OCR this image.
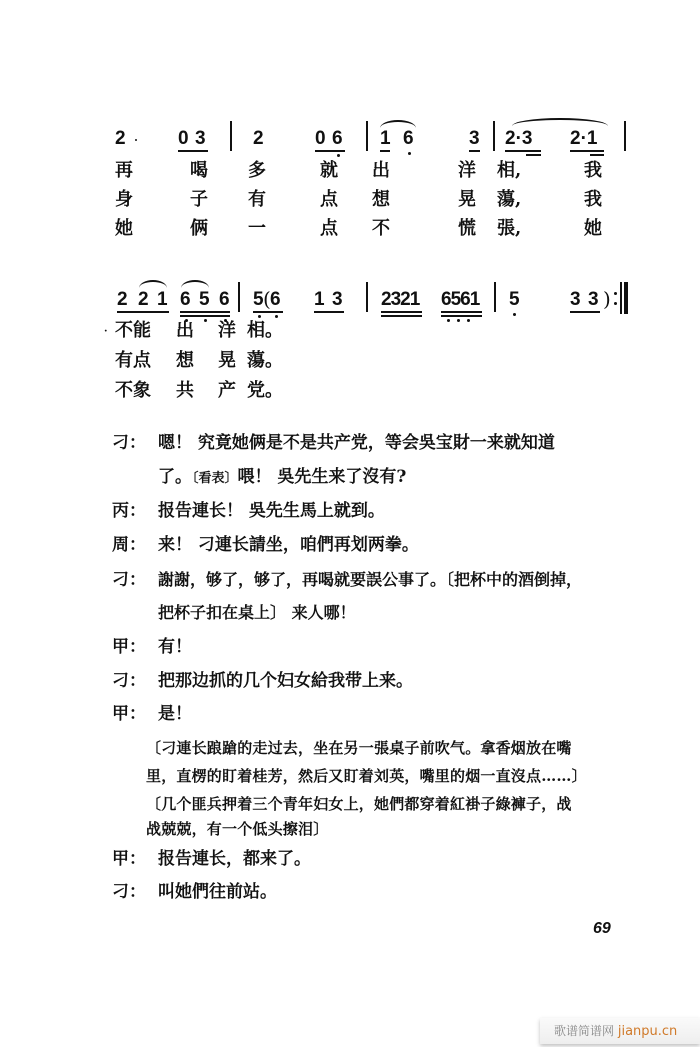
2	0 3 2	0 6 1 6	3 2·3 2·1
再	喝 多	就 出	洋 相,	我
身	子 有	点 想	晃 蕩,	我
她	俩 一	点 不	慌 張,	她
2 2 1 6 5 6 5 ( 6 1 3 2321 6561 5	3 3 )
· 不能 出 洋 相。
有点 想 晃 蕩。
不象 共 产 党。
刁： 嗯！ 究竟她俩是不是共产党，等会吳宝財一来就知道
了。〔看表〕喂！ 吳先生来了沒有?
丙： 报告連长！ 吳先生馬上就到。
周： 来！ 刁連长請坐，咱們再划两拳。
刁： 謝謝，够了，够了，再喝就要誤公事了。〔把杯中的酒倒掉，
把杯子扣在桌上〕 来人哪！
甲： 有！
刁： 把那边抓的几个妇女給我带上来。
甲： 是！
〔刁連长踉蹌的走过去，坐在另一張桌子前吹气。拿香烟放在嘴
里，直楞的盯着桂芳，然后又盯着刘英，嘴里的烟一直沒点……〕
〔几个匪兵押着三个青年妇女上，她們都穿着紅褂子綠褲子，战
战兢兢，有一个低头擦泪〕
甲： 报告連长，都来了。
刁： 叫她們往前站。
69
歌谱简谱网 jianpu.cn
